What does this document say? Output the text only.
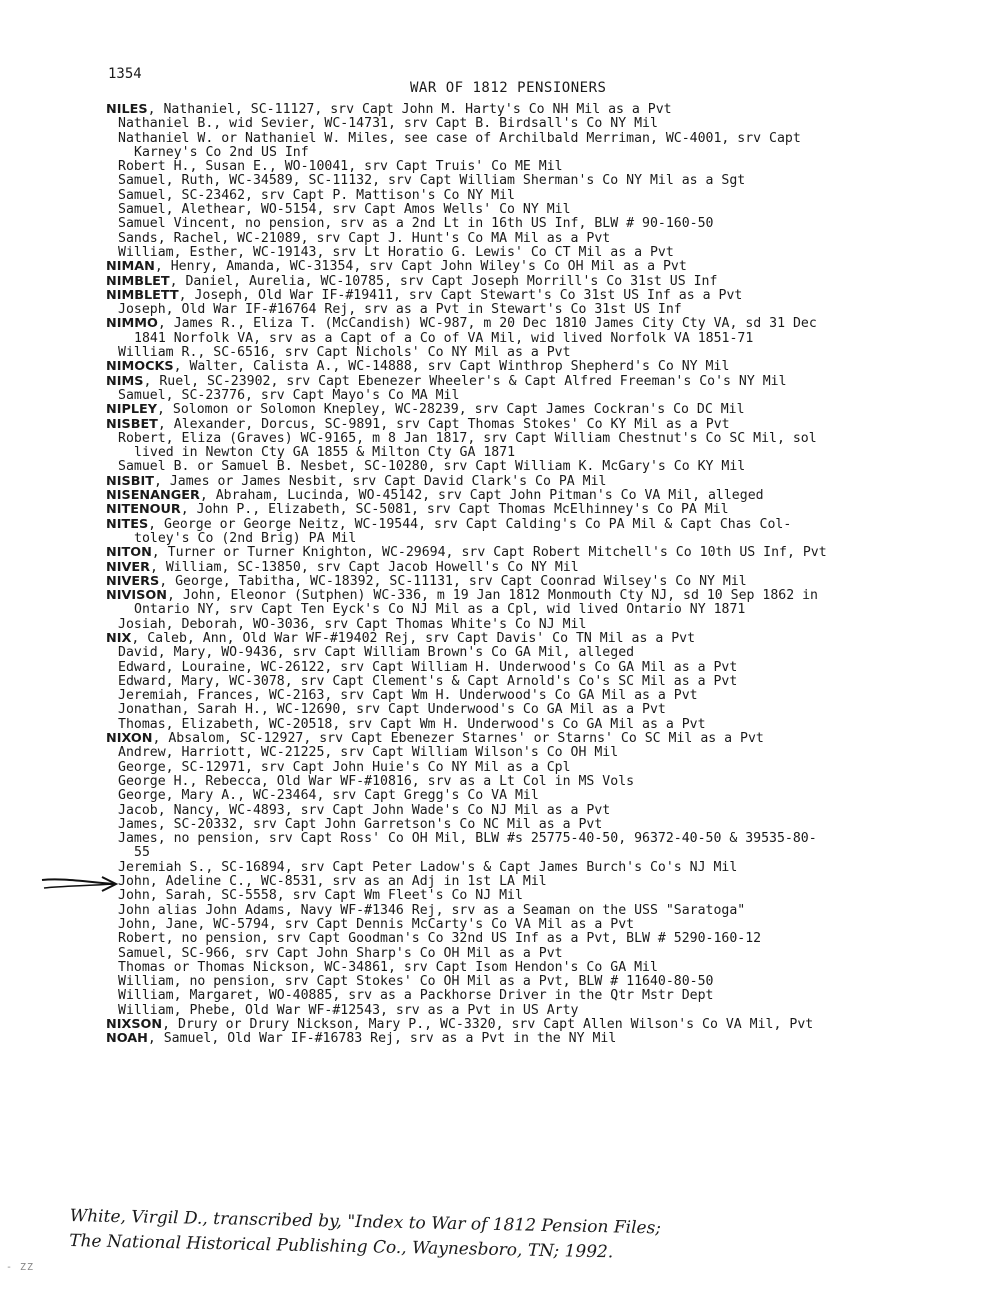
1354
WAR OF 1812 PENSIONERS
NILES, Nathaniel, SC-11127, srv Capt John M. Harty's Co NH Mil as a Pvt
Nathaniel B., wid Sevier, WC-14731, srv Capt B. Birdsall's Co NY Mil
Nathaniel W. or Nathaniel W. Miles, see case of Archilbald Merriman, WC-4001, srv Capt
Karney's Co 2nd US Inf
Robert H., Susan E., WO-10041, srv Capt Truis' Co ME Mil
Samuel, Ruth, WC-34589, SC-11132, srv Capt William Sherman's Co NY Mil as a Sgt
Samuel, SC-23462, srv Capt P. Mattison's Co NY Mil
Samuel, Alethear, WO-5154, srv Capt Amos Wells' Co NY Mil
Samuel Vincent, no pension, srv as a 2nd Lt in 16th US Inf, BLW # 90-160-50
Sands, Rachel, WC-21089, srv Capt J. Hunt's Co MA Mil as a Pvt
William, Esther, WC-19143, srv Lt Horatio G. Lewis' Co CT Mil as a Pvt
NIMAN, Henry, Amanda, WC-31354, srv Capt John Wiley's Co OH Mil as a Pvt
NIMBLET, Daniel, Aurelia, WC-10785, srv Capt Joseph Morrill's Co 31st US Inf
NIMBLETT, Joseph, Old War IF-#19411, srv Capt Stewart's Co 31st US Inf as a Pvt
Joseph, Old War IF-#16764 Rej, srv as a Pvt in Stewart's Co 31st US Inf
NIMMO, James R., Eliza T. (McCandish) WC-987, m 20 Dec 1810 James City Cty VA, sd 31 Dec
1841 Norfolk VA, srv as a Capt of a Co of VA Mil, wid lived Norfolk VA 1851-71
William R., SC-6516, srv Capt Nichols' Co NY Mil as a Pvt
NIMOCKS, Walter, Calista A., WC-14888, srv Capt Winthrop Shepherd's Co NY Mil
NIMS, Ruel, SC-23902, srv Capt Ebenezer Wheeler's & Capt Alfred Freeman's Co's NY Mil
Samuel, SC-23776, srv Capt Mayo's Co MA Mil
NIPLEY, Solomon or Solomon Knepley, WC-28239, srv Capt James Cockran's Co DC Mil
NISBET, Alexander, Dorcus, SC-9891, srv Capt Thomas Stokes' Co KY Mil as a Pvt
Robert, Eliza (Graves) WC-9165, m 8 Jan 1817, srv Capt William Chestnut's Co SC Mil, sol
lived in Newton Cty GA 1855 & Milton Cty GA 1871
Samuel B. or Samuel B. Nesbet, SC-10280, srv Capt William K. McGary's Co KY Mil
NISBIT, James or James Nesbit, srv Capt David Clark's Co PA Mil
NISENANGER, Abraham, Lucinda, WO-45142, srv Capt John Pitman's Co VA Mil, alleged
NITENOUR, John P., Elizabeth, SC-5081, srv Capt Thomas McElhinney's Co PA Mil
NITES, George or George Neitz, WC-19544, srv Capt Calding's Co PA Mil & Capt Chas Col-
toley's Co (2nd Brig) PA Mil
NITON, Turner or Turner Knighton, WC-29694, srv Capt Robert Mitchell's Co 10th US Inf, Pvt
NIVER, William, SC-13850, srv Capt Jacob Howell's Co NY Mil
NIVERS, George, Tabitha, WC-18392, SC-11131, srv Capt Coonrad Wilsey's Co NY Mil
NIVISON, John, Eleonor (Sutphen) WC-336, m 19 Jan 1812 Monmouth Cty NJ, sd 10 Sep 1862 in
Ontario NY, srv Capt Ten Eyck's Co NJ Mil as a Cpl, wid lived Ontario NY 1871
Josiah, Deborah, WO-3036, srv Capt Thomas White's Co NJ Mil
NIX, Caleb, Ann, Old War WF-#19402 Rej, srv Capt Davis' Co TN Mil as a Pvt
David, Mary, WO-9436, srv Capt William Brown's Co GA Mil, alleged
Edward, Louraine, WC-26122, srv Capt William H. Underwood's Co GA Mil as a Pvt
Edward, Mary, WC-3078, srv Capt Clement's & Capt Arnold's Co's SC Mil as a Pvt
Jeremiah, Frances, WC-2163, srv Capt Wm H. Underwood's Co GA Mil as a Pvt
Jonathan, Sarah H., WC-12690, srv Capt Underwood's Co GA Mil as a Pvt
Thomas, Elizabeth, WC-20518, srv Capt Wm H. Underwood's Co GA Mil as a Pvt
NIXON, Absalom, SC-12927, srv Capt Ebenezer Starnes' or Starns' Co SC Mil as a Pvt
Andrew, Harriott, WC-21225, srv Capt William Wilson's Co OH Mil
George, SC-12971, srv Capt John Huie's Co NY Mil as a Cpl
George H., Rebecca, Old War WF-#10816, srv as a Lt Col in MS Vols
George, Mary A., WC-23464, srv Capt Gregg's Co VA Mil
Jacob, Nancy, WC-4893, srv Capt John Wade's Co NJ Mil as a Pvt
James, SC-20332, srv Capt John Garretson's Co NC Mil as a Pvt
James, no pension, srv Capt Ross' Co OH Mil, BLW #s 25775-40-50, 96372-40-50 & 39535-80-
55
Jeremiah S., SC-16894, srv Capt Peter Ladow's & Capt James Burch's Co's NJ Mil
John, Adeline C., WC-8531, srv as an Adj in 1st LA Mil
John, Sarah, SC-5558, srv Capt Wm Fleet's Co NJ Mil
John alias John Adams, Navy WF-#1346 Rej, srv as a Seaman on the USS "Saratoga"
John, Jane, WC-5794, srv Capt Dennis McCarty's Co VA Mil as a Pvt
Robert, no pension, srv Capt Goodman's Co 32nd US Inf as a Pvt, BLW # 5290-160-12
Samuel, SC-966, srv Capt John Sharp's Co OH Mil as a Pvt
Thomas or Thomas Nickson, WC-34861, srv Capt Isom Hendon's Co GA Mil
William, no pension, srv Capt Stokes' Co OH Mil as a Pvt, BLW # 11640-80-50
William, Margaret, WO-40885, srv as a Packhorse Driver in the Qtr Mstr Dept
William, Phebe, Old War WF-#12543, srv as a Pvt in US Arty
NIXSON, Drury or Drury Nickson, Mary P., WC-3320, srv Capt Allen Wilson's Co VA Mil, Pvt
NOAH, Samuel, Old War IF-#16783 Rej, srv as a Pvt in the NY Mil
White, Virgil D., transcribed by, "Index to War of 1812 Pension Files;
The National Historical Publishing Co., Waynesboro, TN; 1992.
- ZZ
